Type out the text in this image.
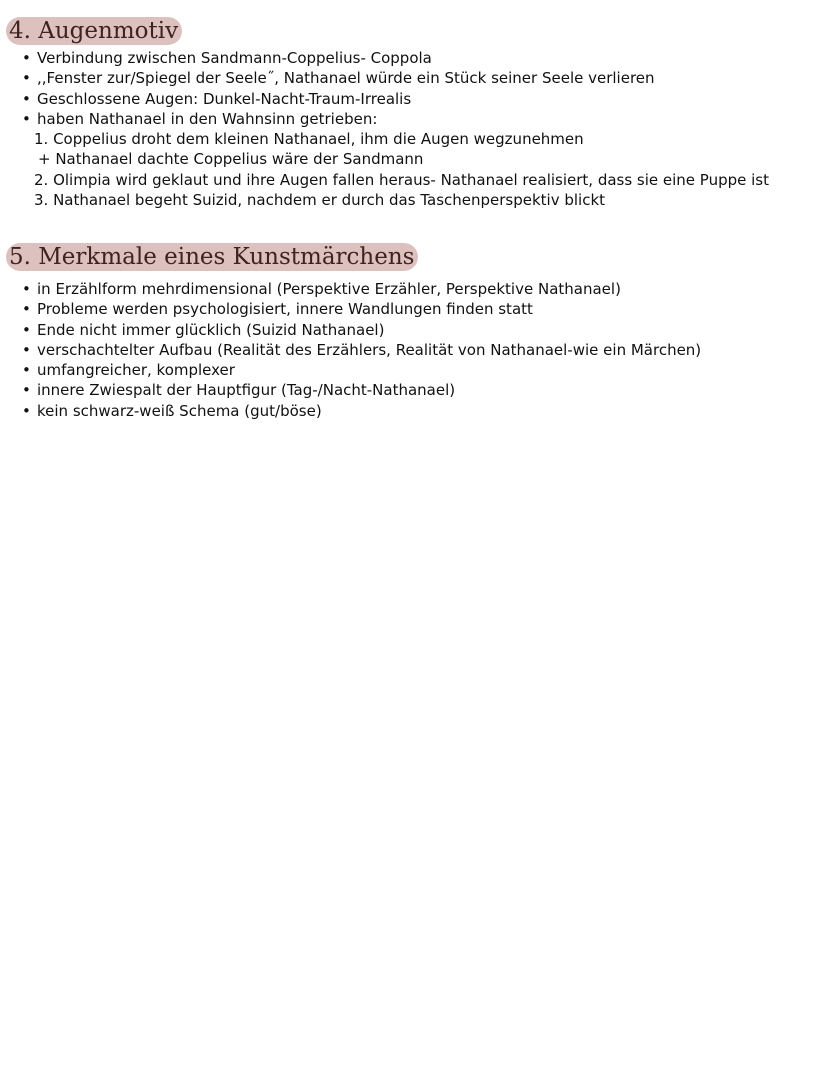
4. Augenmotiv
• Verbindung zwischen Sandmann-Coppelius- Coppola
• ,,Fenster zur/Spiegel der Seele˝, Nathanael würde ein Stück seiner Seele verlieren
• Geschlossene Augen: Dunkel-Nacht-Traum-Irrealis
• haben Nathanael in den Wahnsinn getrieben:
1. Coppelius droht dem kleinen Nathanael, ihm die Augen wegzunehmen
+ Nathanael dachte Coppelius wäre der Sandmann
2. Olimpia wird geklaut und ihre Augen fallen heraus- Nathanael realisiert, dass sie eine Puppe ist
3. Nathanael begeht Suizid, nachdem er durch das Taschenperspektiv blickt
5. Merkmale eines Kunstmärchens
• in Erzählform mehrdimensional (Perspektive Erzähler, Perspektive Nathanael)
• Probleme werden psychologisiert, innere Wandlungen finden statt
• Ende nicht immer glücklich (Suizid Nathanael)
• verschachtelter Aufbau (Realität des Erzählers, Realität von Nathanael-wie ein Märchen)
• umfangreicher, komplexer
• innere Zwiespalt der Hauptfigur (Tag-/Nacht-Nathanael)
• kein schwarz-weiß Schema (gut/böse)
